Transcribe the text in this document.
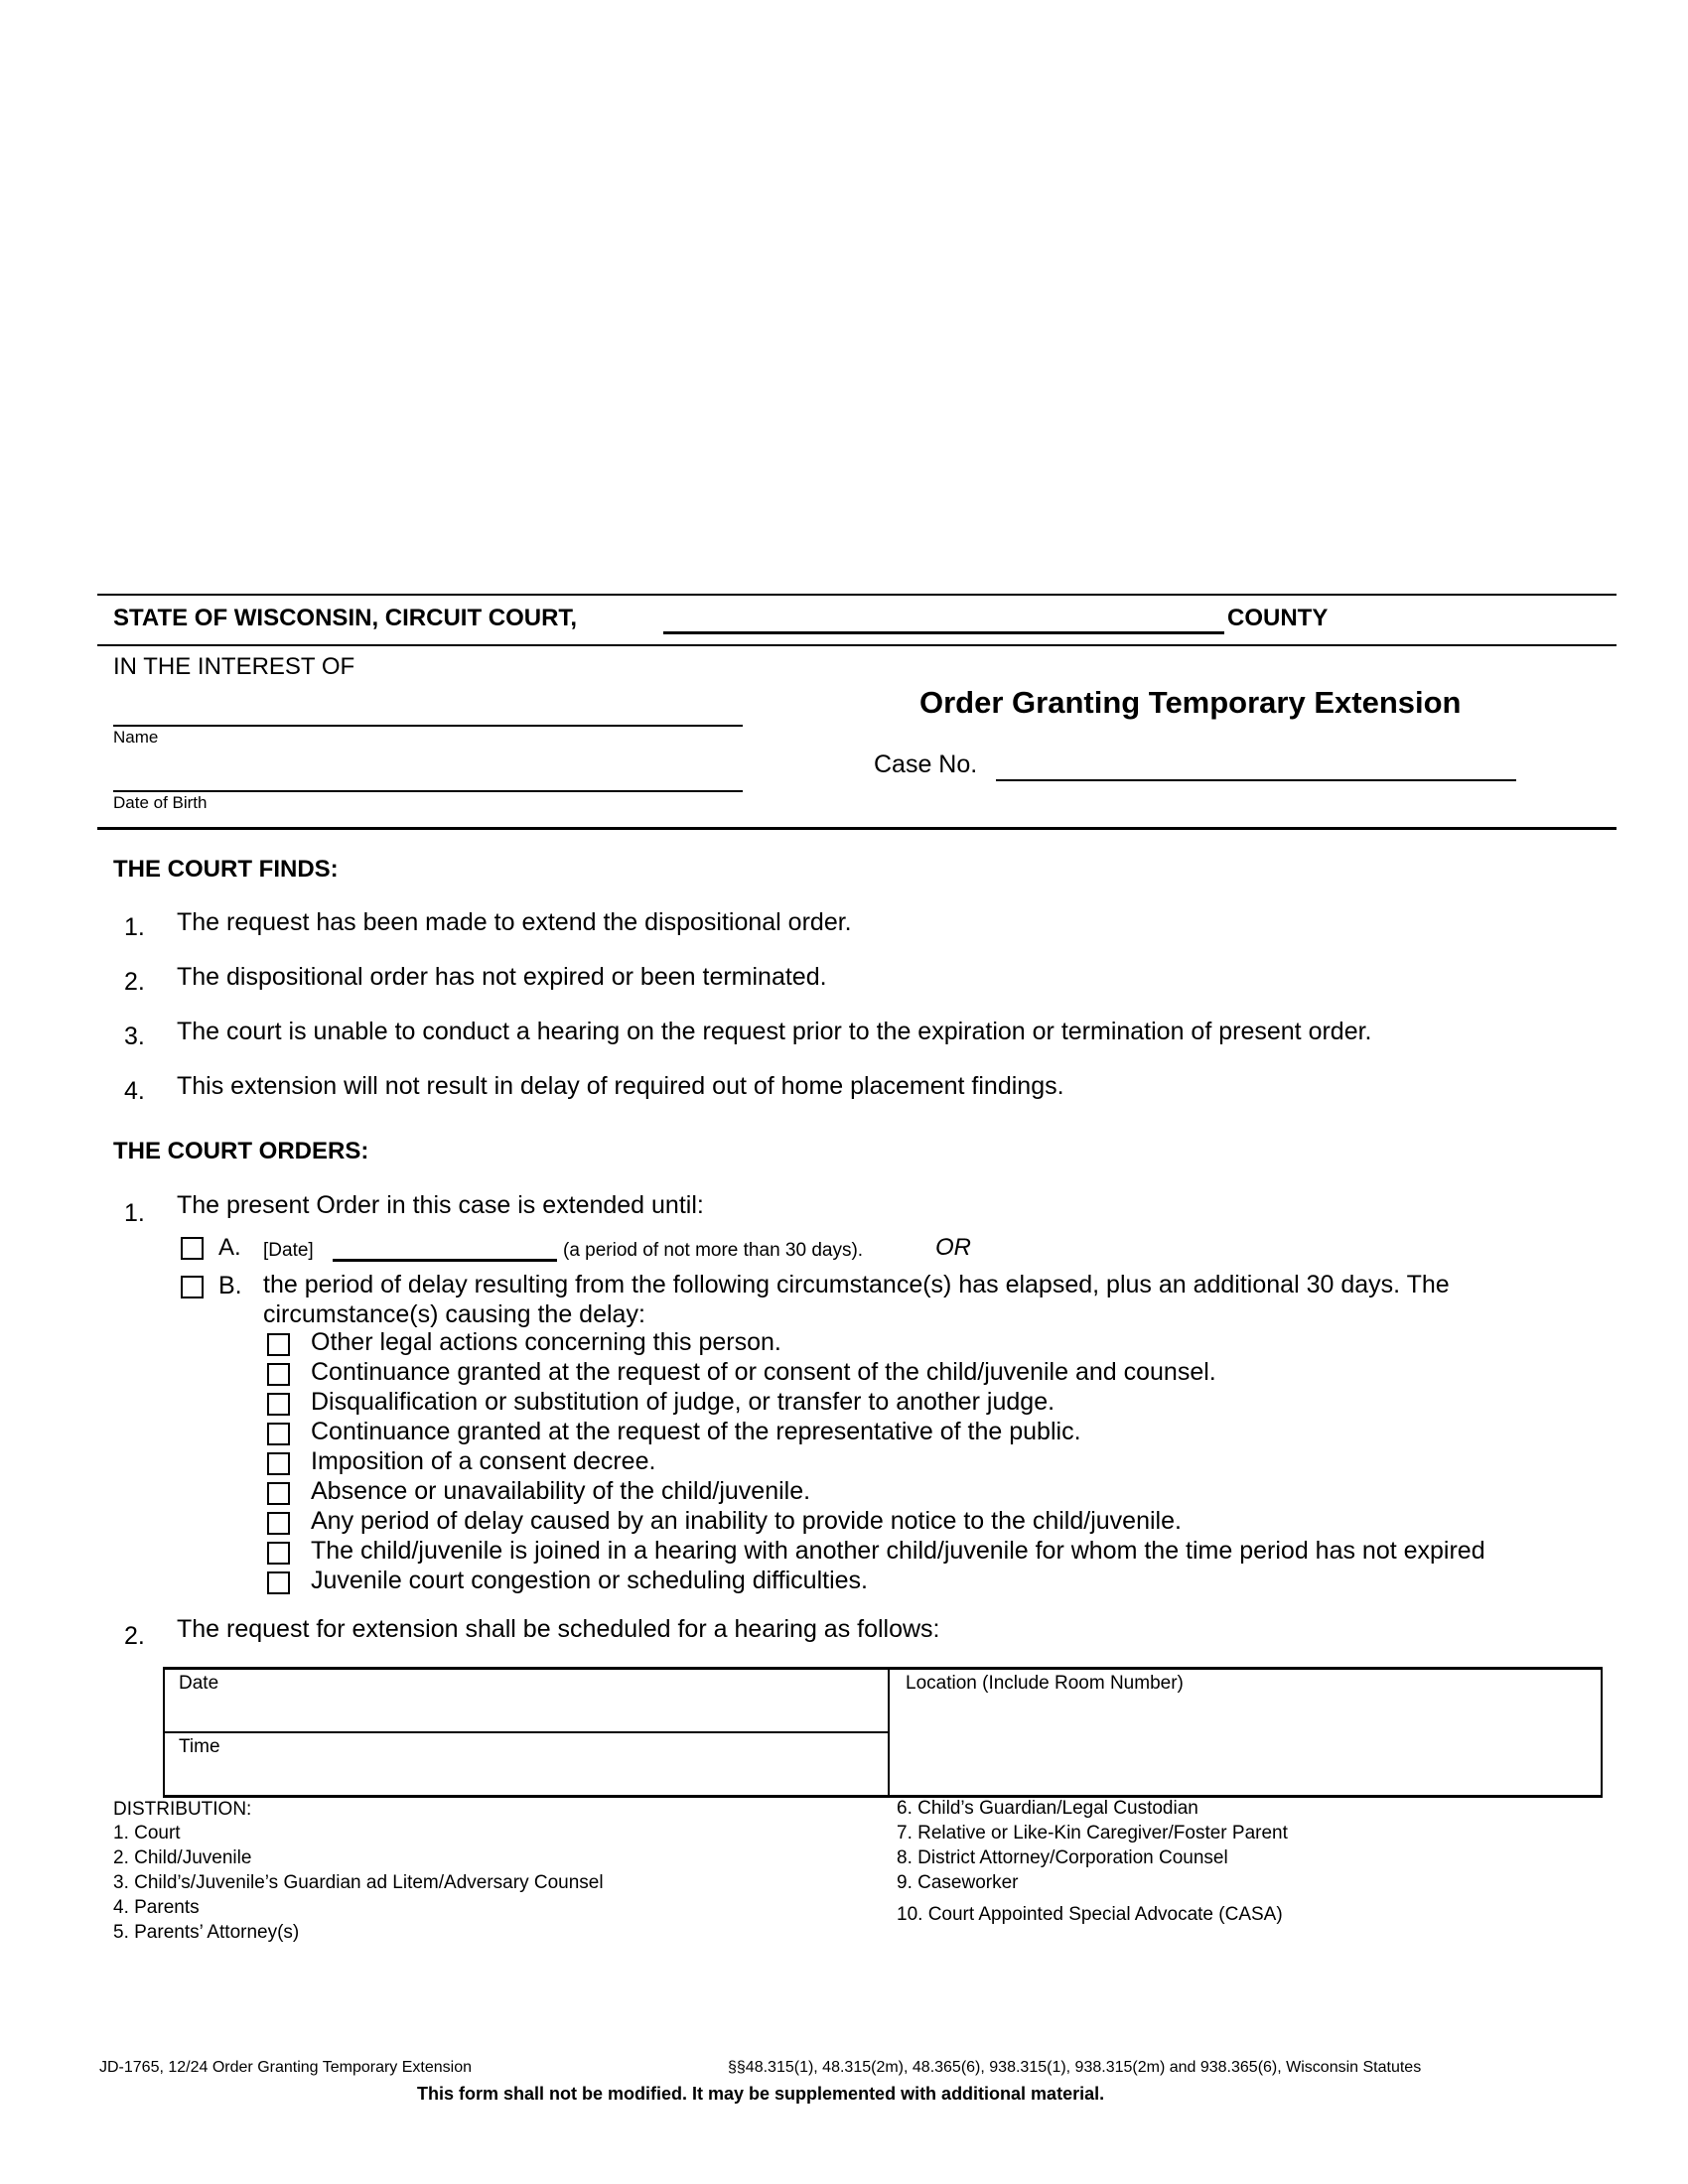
STATE OF WISCONSIN, CIRCUIT COURT,	COUNTY
IN THE INTEREST OF
Name
Date of Birth
Order Granting Temporary Extension
Case No.
THE COURT FINDS:
1. The request has been made to extend the dispositional order.
2. The dispositional order has not expired or been terminated.
3. The court is unable to conduct a hearing on the request prior to the expiration or termination of present order.
4. This extension will not result in delay of required out of home placement findings.
THE COURT ORDERS:
1. The present Order in this case is extended until:
A. [Date]	(a period of not more than 30 days).	OR
B. the period of delay resulting from the following circumstance(s) has elapsed, plus an additional 30 days. The
circumstance(s) causing the delay:
Other legal actions concerning this person.
Continuance granted at the request of or consent of the child/juvenile and counsel.
Disqualification or substitution of judge, or transfer to another judge.
Continuance granted at the request of the representative of the public.
Imposition of a consent decree.
Absence or unavailability of the child/juvenile.
Any period of delay caused by an inability to provide notice to the child/juvenile.
The child/juvenile is joined in a hearing with another child/juvenile for whom the time period has not expired
Juvenile court congestion or scheduling difficulties.
2. The request for extension shall be scheduled for a hearing as follows:
Date
Time
Location (Include Room Number)
DISTRIBUTION:
1. Court
2. Child/Juvenile
3. Child’s/Juvenile’s Guardian ad Litem/Adversary Counsel
4. Parents
5. Parents’ Attorney(s)
6. Child’s Guardian/Legal Custodian
7. Relative or Like-Kin Caregiver/Foster Parent
8. District Attorney/Corporation Counsel
9. Caseworker
10. Court Appointed Special Advocate (CASA)
JD-1765, 12/24 Order Granting Temporary Extension	§§48.315(1), 48.315(2m), 48.365(6), 938.315(1), 938.315(2m) and 938.365(6), Wisconsin Statutes
This form shall not be modified. It may be supplemented with additional material.
